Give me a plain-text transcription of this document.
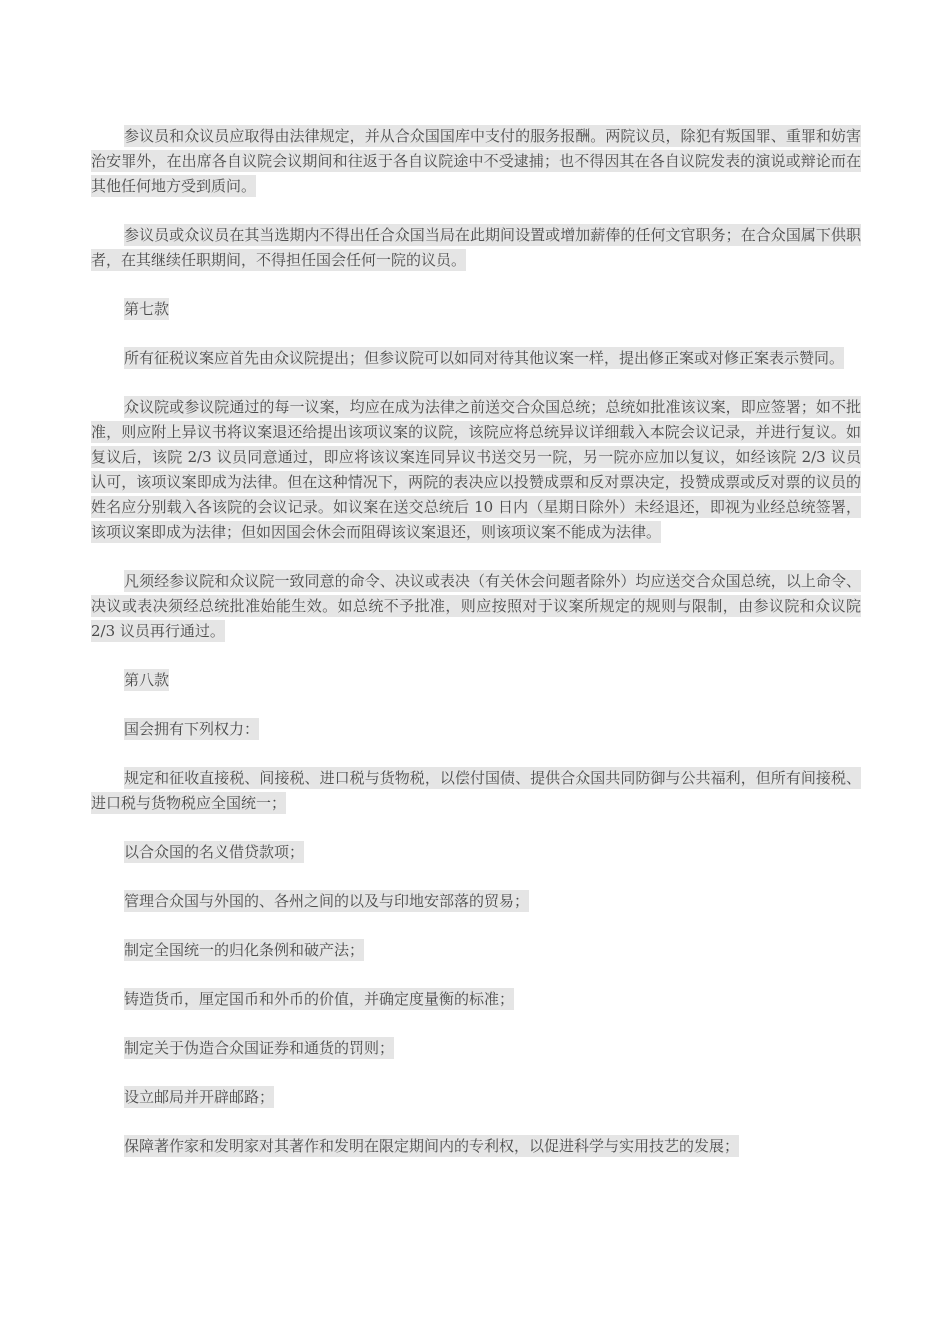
参议员和众议员应取得由法律规定，并从合众国国库中支付的服务报酬。两院议员，除犯有叛国罪、重罪和妨害治安罪外，在出席各自议院会议期间和往返于各自议院途中不受逮捕；也不得因其在各自议院发表的演说或辩论而在其他任何地方受到质问。

参议员或众议员在其当选期内不得出任合众国当局在此期间设置或增加薪俸的任何文官职务；在合众国属下供职者，在其继续任职期间，不得担任国会任何一院的议员。

第七款

所有征税议案应首先由众议院提出；但参议院可以如同对待其他议案一样，提出修正案或对修正案表示赞同。

众议院或参议院通过的每一议案，均应在成为法律之前送交合众国总统；总统如批准该议案，即应签署；如不批准，则应附上异议书将议案退还给提出该项议案的议院，该院应将总统异议详细载入本院会议记录，并进行复议。如复议后，该院 2/3 议员同意通过，即应将该议案连同异议书送交另一院，另一院亦应加以复议，如经该院 2/3 议员认可，该项议案即成为法律。但在这种情况下，两院的表决应以投赞成票和反对票决定，投赞成票或反对票的议员的姓名应分别载入各该院的会议记录。如议案在送交总统后 10 日内（星期日除外）未经退还，即视为业经总统签署，该项议案即成为法律；但如因国会休会而阻碍该议案退还，则该项议案不能成为法律。

凡须经参议院和众议院一致同意的命令、决议或表决（有关休会问题者除外）均应送交合众国总统，以上命令、决议或表决须经总统批准始能生效。如总统不予批准，则应按照对于议案所规定的规则与限制，由参议院和众议院 2/3 议员再行通过。

第八款

国会拥有下列权力：

规定和征收直接税、间接税、进口税与货物税，以偿付国债、提供合众国共同防御与公共福利，但所有间接税、进口税与货物税应全国统一；

以合众国的名义借贷款项；

管理合众国与外国的、各州之间的以及与印地安部落的贸易；

制定全国统一的归化条例和破产法；

铸造货币，厘定国币和外币的价值，并确定度量衡的标准；

制定关于伪造合众国证券和通货的罚则；

设立邮局并开辟邮路；

保障著作家和发明家对其著作和发明在限定期间内的专利权，以促进科学与实用技艺的发展；
